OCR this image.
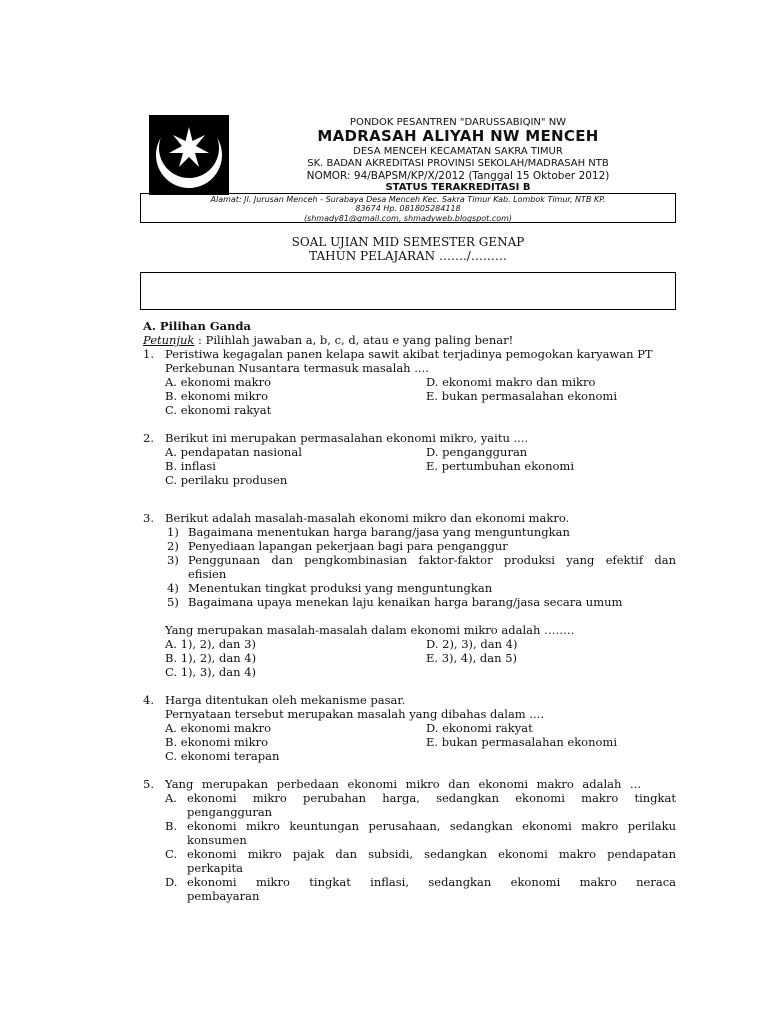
PONDOK PESANTREN "DARUSSABIQIN" NW
MADRASAH ALIYAH NW MENCEH
DESA MENCEH KECAMATAN SAKRA TIMUR
SK. BADAN AKREDITASI PROVINSI SEKOLAH/MADRASAH NTB
NOMOR: 94/BAPSM/KP/X/2012 (Tanggal 15 Oktober 2012)
STATUS TERAKREDITASI B
Alamat: Jl. Jurusan Menceh - Surabaya Desa Menceh Kec. Sakra Timur Kab. Lombok Timur, NTB KP.
83674 Hp. 081805284118
(shmady81@gmail.com, shmadyweb.blogspot.com)
SOAL UJIAN MID SEMESTER GENAP
TAHUN PELAJARAN ……./………
A. Pilihan Ganda
Petunjuk : Pilihlah jawaban a, b, c, d, atau e yang paling benar!
1. Peristiwa kegagalan panen kelapa sawit akibat terjadinya pemogokan karyawan PT
Perkebunan Nusantara termasuk masalah ....
A. ekonomi makro
B. ekonomi mikro
C. ekonomi rakyat
D. ekonomi makro dan mikro
E. bukan permasalahan ekonomi
2. Berikut ini merupakan permasalahan ekonomi mikro, yaitu ....
A. pendapatan nasional
B. inflasi
C. perilaku produsen
D. pengangguran
E. pertumbuhan ekonomi
3. Berikut adalah masalah-masalah ekonomi mikro dan ekonomi makro.
1) Bagaimana menentukan harga barang/jasa yang menguntungkan
2) Penyediaan lapangan pekerjaan bagi para penganggur
3) Penggunaan dan pengkombinasian faktor-faktor produksi yang efektif dan
efisien
4) Menentukan tingkat produksi yang menguntungkan
5) Bagaimana upaya menekan laju kenaikan harga barang/jasa secara umum
Yang merupakan masalah-masalah dalam ekonomi mikro adalah ……..
A. 1), 2), dan 3)
B. 1), 2), dan 4)
C. 1), 3), dan 4)
D. 2), 3), dan 4)
E. 3), 4), dan 5)
4. Harga ditentukan oleh mekanisme pasar.
Pernyataan tersebut merupakan masalah yang dibahas dalam ....
A. ekonomi makro
B. ekonomi mikro
C. ekonomi terapan
D. ekonomi rakyat
E. bukan permasalahan ekonomi
5. Yang merupakan perbedaan ekonomi mikro dan ekonomi makro adalah ...
A. ekonomi mikro perubahan harga, sedangkan ekonomi makro tingkat
pengangguran
B. ekonomi mikro keuntungan perusahaan, sedangkan ekonomi makro perilaku
konsumen
C. ekonomi mikro pajak dan subsidi, sedangkan ekonomi makro pendapatan
perkapita
D. ekonomi mikro tingkat inflasi, sedangkan ekonomi makro neraca
pembayaran
